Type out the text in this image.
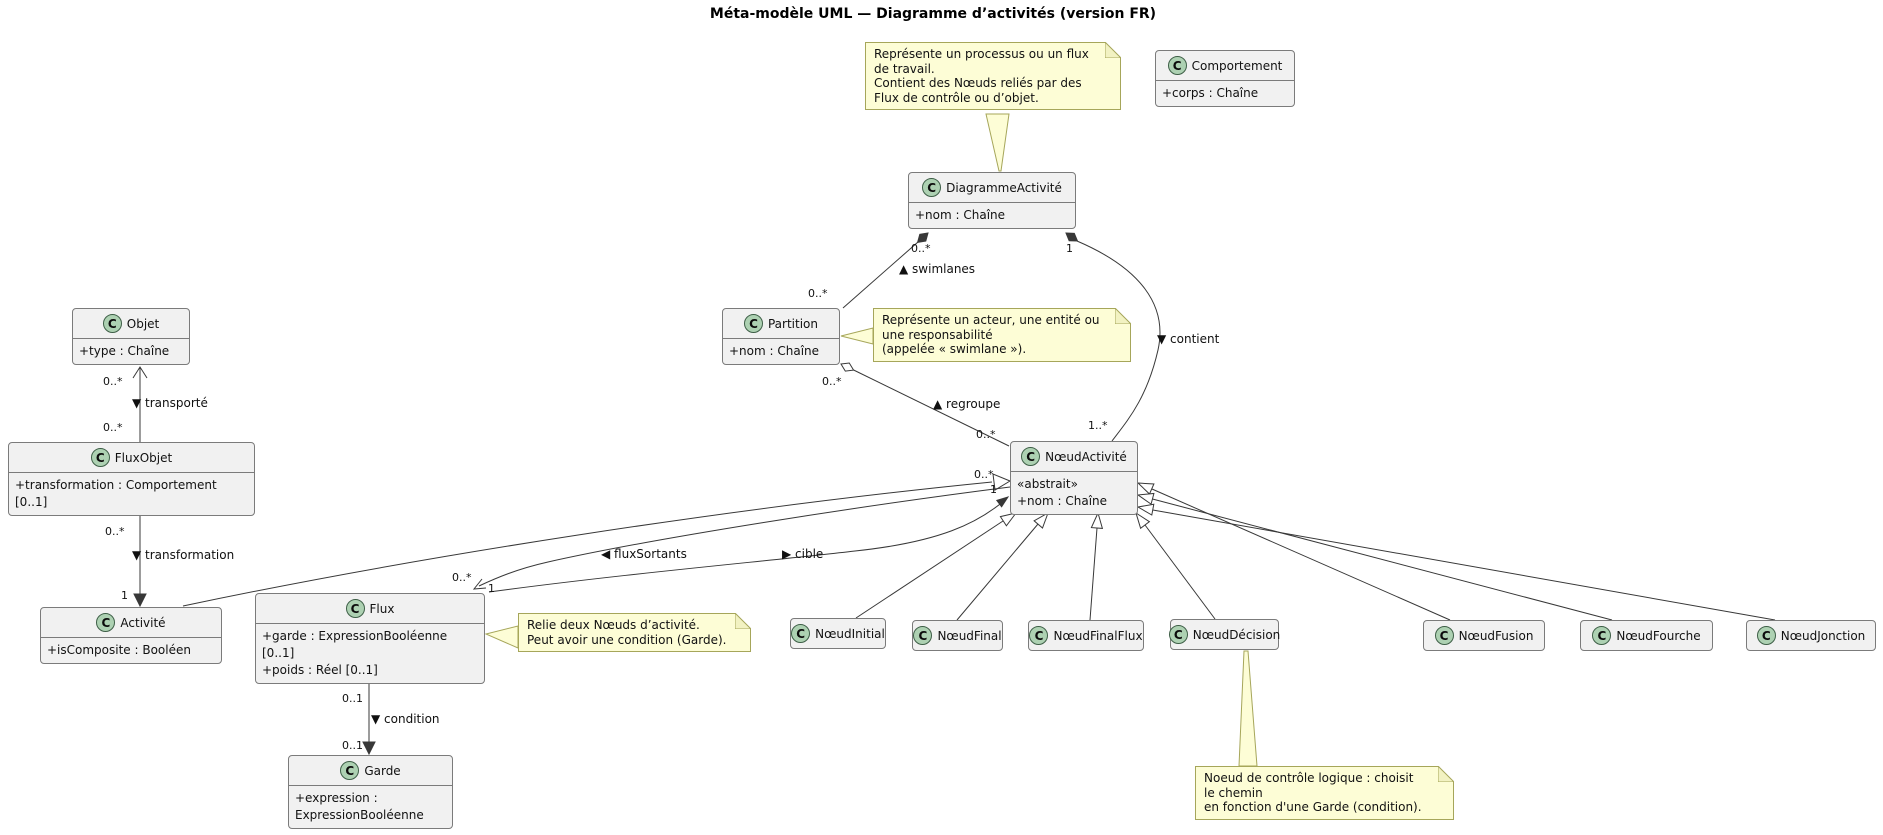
Méta-modèle UML — Diagramme d’activités (version FR)
0..*
▲ swimlanes
0..*
1
▼ contient
1..*
0..*
▲ regroupe
0..*
0..*
▼ transporté
0..*
0..*
▼ transformation
1
0..1
▼ condition
0..1
◀ fluxSortants
0..*
0..*
▶ cible
1
1
Représente un processus ou un flux
de travail.
Contient des Nœuds reliés par des
Flux de contrôle ou d’objet.
Représente un acteur, une entité ou
une responsabilité
(appelée « swimlane »).
Relie deux Nœuds d’activité.
Peut avoir une condition (Garde).
Noeud de contrôle logique : choisit
le chemin
en fonction d'une Garde (condition).
C Comportement
+corps : Chaîne
C DiagrammeActivité
+nom : Chaîne
C Partition
+nom : Chaîne
C Objet
+type : Chaîne
C FluxObjet
+transformation : Comportement
[0..1]
C NœudActivité
«abstrait»
+nom : Chaîne
C Activité
+isComposite : Booléen
C Flux
+garde : ExpressionBooléenne
[0..1]
+poids : Réel [0..1]
C Garde
+expression :
ExpressionBooléenne
C NœudInitial	C NœudFinal	C NœudFinalFlux	C NœudDécision	C NœudFusion	C NœudFourche	C NœudJonction
